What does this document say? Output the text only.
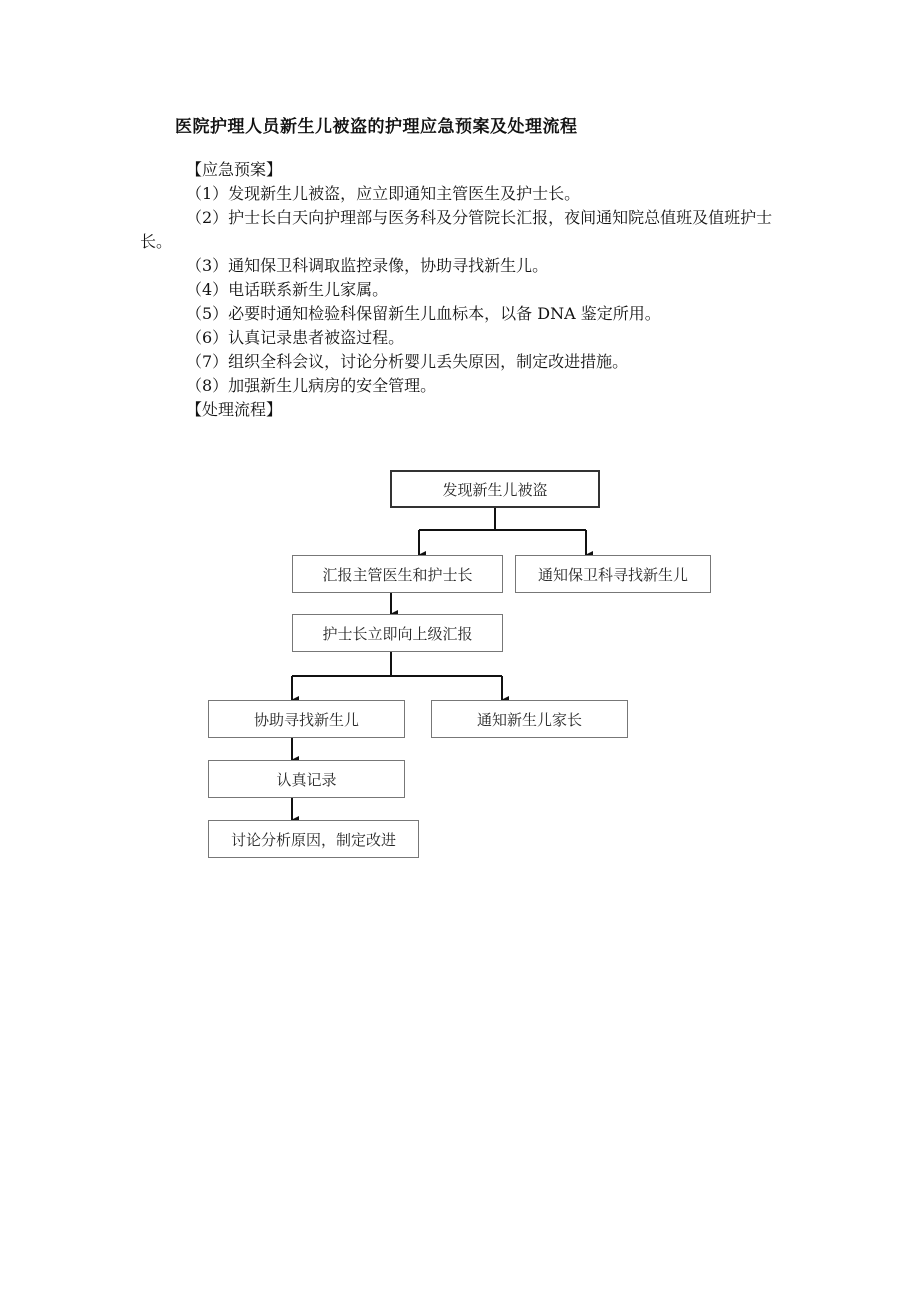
医院护理人员新生儿被盗的护理应急预案及处理流程
【应急预案】
（1）发现新生儿被盗，应立即通知主管医生及护士长。
（2）护士长白天向护理部与医务科及分管院长汇报，夜间通知院总值班及值班护士长。
（3）通知保卫科调取监控录像，协助寻找新生儿。
（4）电话联系新生儿家属。
（5）必要时通知检验科保留新生儿血标本，以备 DNA 鉴定所用。
（6）认真记录患者被盗过程。
（7）组织全科会议，讨论分析婴儿丢失原因，制定改进措施。
（8）加强新生儿病房的安全管理。
【处理流程】
发现新生儿被盗
汇报主管医生和护士长	通知保卫科寻找新生儿
护士长立即向上级汇报
协助寻找新生儿	通知新生儿家长
认真记录
讨论分析原因，制定改进
